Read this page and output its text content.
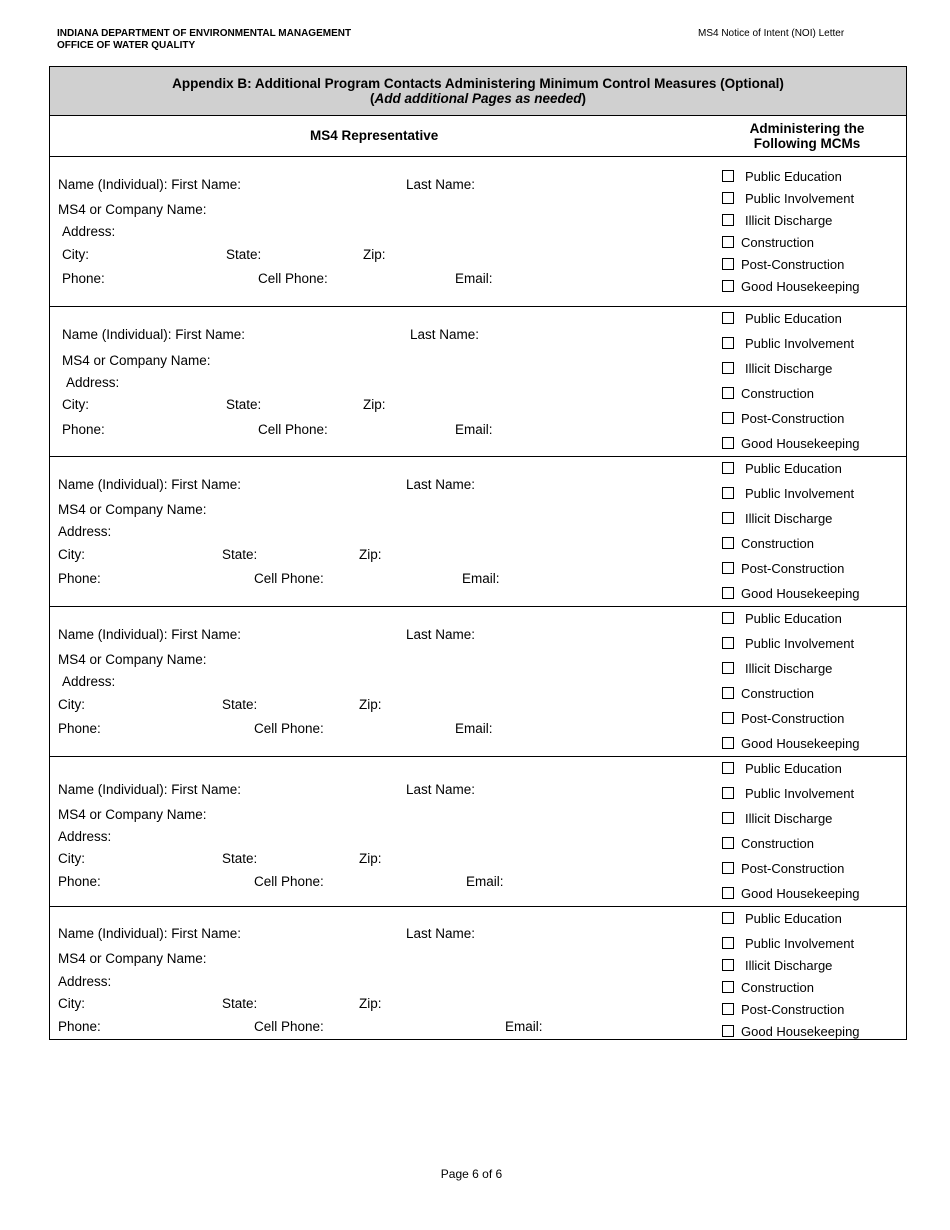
INDIANA DEPARTMENT OF ENVIRONMENTAL MANAGEMENT
OFFICE OF WATER QUALITY
MS4 Notice of Intent (NOI) Letter
Appendix B: Additional Program Contacts Administering Minimum Control Measures (Optional)
(Add additional Pages as needed)
MS4 Representative	Administering the
Following MCMs
Name (Individual): First Name:	Last Name:
MS4 or Company Name:
Address:
City:	State:	Zip:
Phone:	Cell Phone:	Email:
Public Education
Public Involvement
Illicit Discharge
Construction
Post-Construction
Good Housekeeping
Name (Individual): First Name:	Last Name:
MS4 or Company Name:
Address:
City:	State:	Zip:
Phone:	Cell Phone:	Email:
Public Education
Public Involvement
Illicit Discharge
Construction
Post-Construction
Good Housekeeping
Name (Individual): First Name:	Last Name:
MS4 or Company Name:
Address:
City:	State:	Zip:
Phone:	Cell Phone:	Email:
Public Education
Public Involvement
Illicit Discharge
Construction
Post-Construction
Good Housekeeping
Name (Individual): First Name:	Last Name:
MS4 or Company Name:
Address:
City:	State:	Zip:
Phone:	Cell Phone:	Email:
Public Education
Public Involvement
Illicit Discharge
Construction
Post-Construction
Good Housekeeping
Name (Individual): First Name:	Last Name:
MS4 or Company Name:
Address:
City:	State:	Zip:
Phone:	Cell Phone:	Email:
Public Education
Public Involvement
Illicit Discharge
Construction
Post-Construction
Good Housekeeping
Name (Individual): First Name:	Last Name:
MS4 or Company Name:
Address:
City:	State:	Zip:
Phone:	Cell Phone:	Email:
Public Education
Public Involvement
Illicit Discharge
Construction
Post-Construction
Good Housekeeping
Page 6 of 6
